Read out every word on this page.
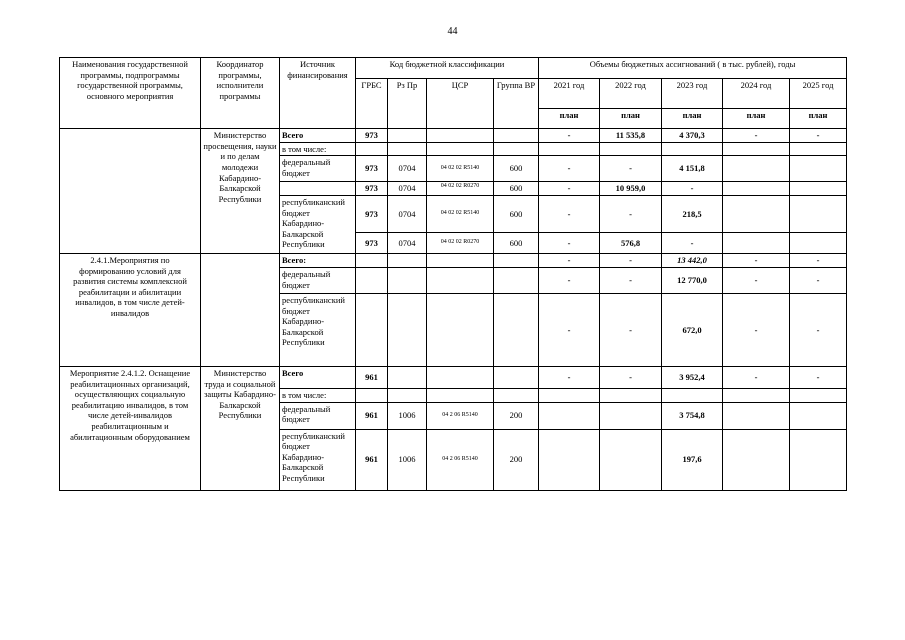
44
Наименования государственной программы, подпрограммы государственной программы, основного мероприятия	Координатор программы, исполнители программы	Источник финансирования	Код бюджетной классификации				Объемы бюджетных ассигнований ( в тыс. рублей), годы				
			ГРБС	Рз Пр	ЦСР	Группа ВР	2021 год	2022 год	2023 год	2024 год	2025 год
							план	план	план	план	план
	Министерство просвещения, науки и по делам молодежи Кабардино-Балкарской Республики	Всего	973				-	11 535,8	4 370,3	-	-
		в том числе:									
		федеральный бюджет	973	0704	04 02 02 R5140	600	-	-	4 151,8		
			973	0704	04 02 02 R0270	600	-	10 959,0	-		
		республиканский бюджет Кабардино-Балкарской Республики	973	0704	04 02 02 R5140	600	-	-	218,5		
			973	0704	04 02 02 R0270	600	-	576,8	-		
2.4.1.Мероприятия по формированию условий для развития системы комплексной реабилитации и абилитации инвалидов, в том числе детей-инвалидов		Всего:					-	-	13 442,0	-	-
		федеральный бюджет					-	-	12 770,0	-	-
		республиканский бюджет Кабардино-Балкарской Республики					-	-	672,0	-	-
Мероприятие 2.4.1.2. Оснащение реабилитационных организаций, осуществляющих социальную реабилитацию инвалидов, в том числе детей-инвалидов реабилитационным и абилитационным оборудованием	Министерство труда и социальной защиты Кабардино-Балкарской Республики	Всего	961				-	-	3 952,4	-	-
		в том числе:									
		федеральный бюджет	961	1006	04 2 06 R5140	200			3 754,8		
		республиканский бюджет Кабардино-Балкарской Республики	961	1006	04 2 06 R5140	200			197,6		
